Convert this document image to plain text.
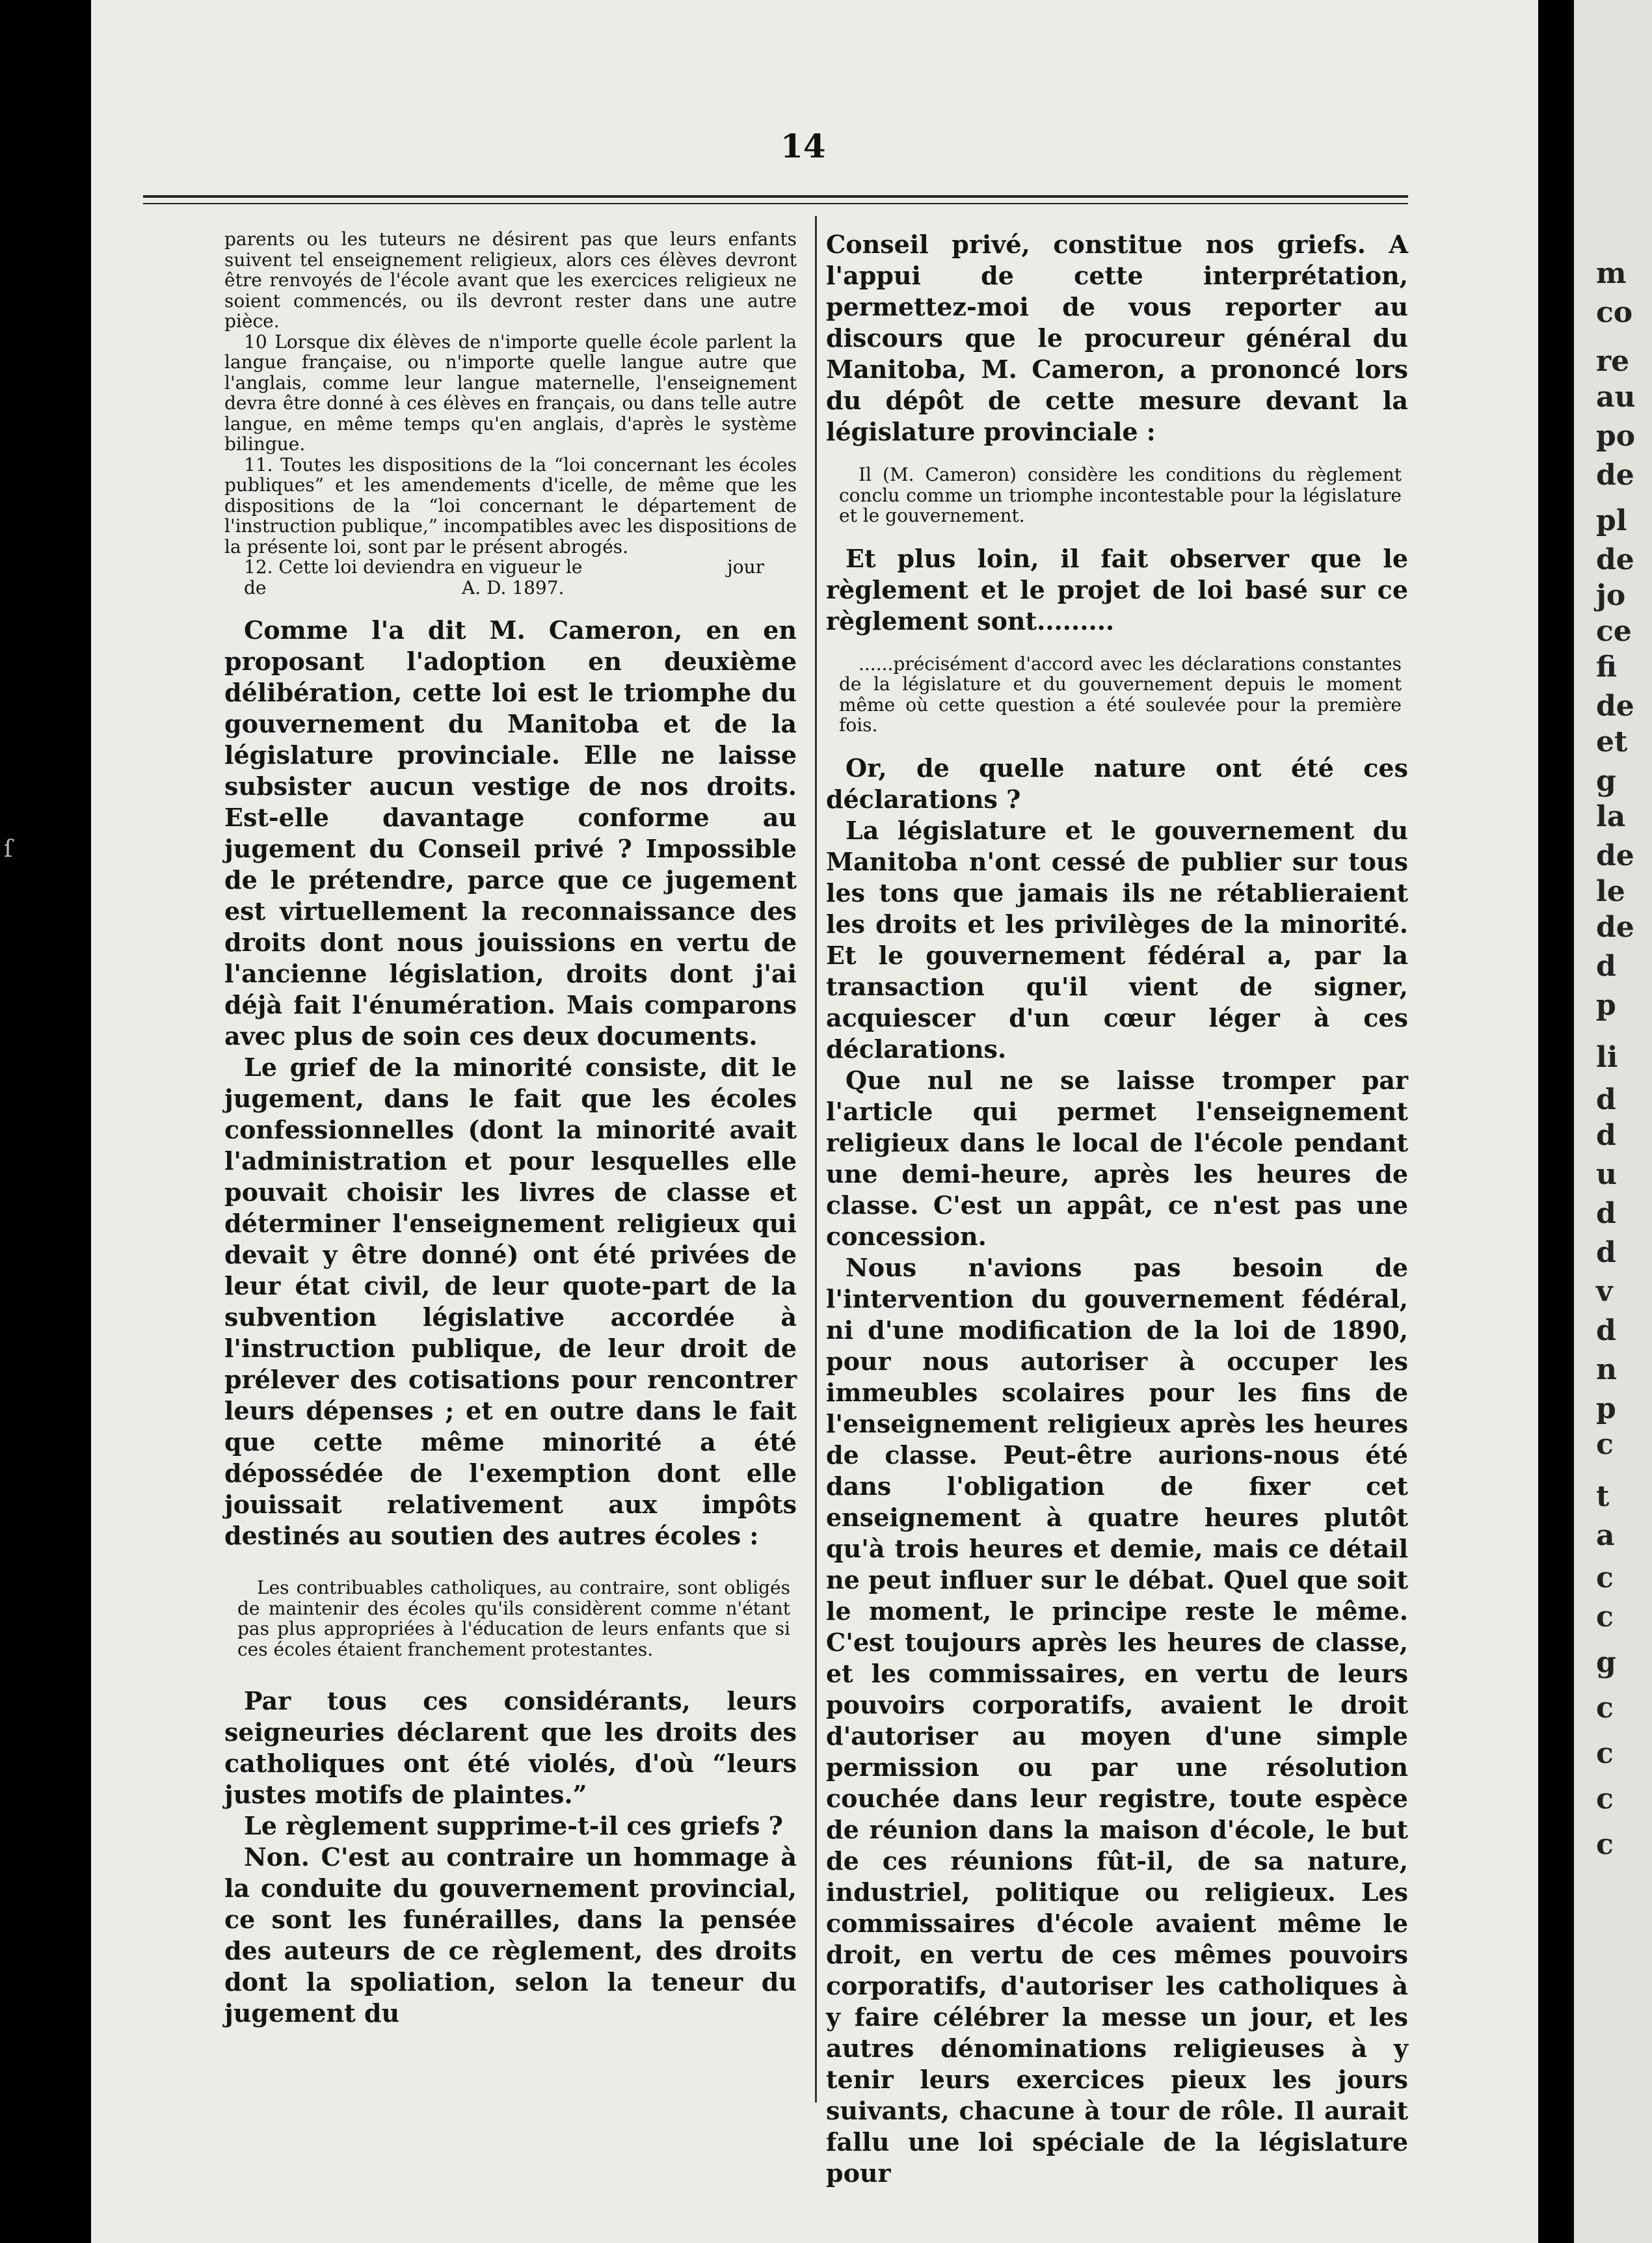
ſ
14

parents ou les tuteurs ne désirent pas que leurs enfants suivent tel enseignement religieux, alors ces élèves devront être renvoyés de l'école avant que les exercices religieux ne soient commencés, ou ils devront rester dans une autre pièce.

10 Lorsque dix élèves de n'importe quelle école parlent la langue française, ou n'importe quelle langue autre que l'anglais, comme leur langue maternelle, l'enseignement devra être donné à ces élèves en français, ou dans telle autre langue, en même temps qu'en anglais, d'après le système bilingue.

11. Toutes les dispositions de la “loi concernant les écoles publiques” et les amendements d'icelle, de même que les dispositions de la “loi concernant le département de l'instruction publique,” incompatibles avec les dispositions de la présente loi, sont par le présent abrogés.

12. Cette loi deviendra en vigueur le	jour
de	A. D. 1897.

Comme l'a dit M. Cameron, en en proposant l'adoption en deuxième délibération, cette loi est le triomphe du gouvernement du Manitoba et de la législature provinciale. Elle ne laisse subsister aucun vestige de nos droits. Est-elle davantage conforme au jugement du Conseil privé ? Impossible de le prétendre, parce que ce jugement est virtuellement la reconnaissance des droits dont nous jouissions en vertu de l'ancienne législation, droits dont j'ai déjà fait l'énumération. Mais comparons avec plus de soin ces deux documents.

Le grief de la minorité consiste, dit le jugement, dans le fait que les écoles confessionnelles (dont la minorité avait l'administration et pour lesquelles elle pouvait choisir les livres de classe et déterminer l'enseignement religieux qui devait y être donné) ont été privées de leur état civil, de leur quote-part de la subvention législative accordée à l'instruction publique, de leur droit de prélever des cotisations pour rencontrer leurs dépenses ; et en outre dans le fait que cette même minorité a été dépossédée de l'exemption dont elle jouissait relativement aux impôts destinés au soutien des autres écoles :

Les contribuables catholiques, au contraire, sont obligés de maintenir des écoles qu'ils considèrent comme n'étant pas plus appropriées à l'éducation de leurs enfants que si ces écoles étaient franchement protestantes.

Par tous ces considérants, leurs seigneuries déclarent que les droits des catholiques ont été violés, d'où “leurs justes motifs de plaintes.”

Le règlement supprime-t-il ces griefs ?

Non. C'est au contraire un hommage à la conduite du gouvernement provincial, ce sont les funérailles, dans la pensée des auteurs de ce règlement, des droits dont la spoliation, selon la teneur du jugement du

Conseil privé, constitue nos griefs. A l'appui de cette interprétation, permettez-moi de vous reporter au discours que le procureur général du Manitoba, M. Cameron, a prononcé lors du dépôt de cette mesure devant la législature provinciale :

Il (M. Cameron) considère les conditions du règlement conclu comme un triomphe incontestable pour la législature et le gouvernement.

Et plus loin, il fait observer que le règlement et le projet de loi basé sur ce règlement sont.........

......précisément d'accord avec les déclarations constantes de la législature et du gouvernement depuis le moment même où cette question a été soulevée pour la première fois.

Or, de quelle nature ont été ces déclarations ?

La législature et le gouvernement du Manitoba n'ont cessé de publier sur tous les tons que jamais ils ne rétablieraient les droits et les privilèges de la minorité. Et le gouvernement fédéral a, par la transaction qu'il vient de signer, acquiescer d'un cœur léger à ces déclarations.

Que nul ne se laisse tromper par l'article qui permet l'enseignement religieux dans le local de l'école pendant une demi-heure, après les heures de classe. C'est un appât, ce n'est pas une concession.

Nous n'avions pas besoin de l'intervention du gouvernement fédéral, ni d'une modification de la loi de 1890, pour nous autoriser à occuper les immeubles scolaires pour les fins de l'enseignement religieux après les heures de classe. Peut-être aurions-nous été dans l'obligation de fixer cet enseignement à quatre heures plutôt qu'à trois heures et demie, mais ce détail ne peut influer sur le débat. Quel que soit le moment, le principe reste le même. C'est toujours après les heures de classe, et les commissaires, en vertu de leurs pouvoirs corporatifs, avaient le droit d'autoriser au moyen d'une simple permission ou par une résolution couchée dans leur registre, toute espèce de réunion dans la maison d'école, le but de ces réunions fût-il, de sa nature, industriel, politique ou religieux. Les commissaires d'école avaient même le droit, en vertu de ces mêmes pouvoirs corporatifs, d'autoriser les catholiques à y faire célébrer la messe un jour, et les autres dénominations religieuses à y tenir leurs exercices pieux les jours suivants, chacune à tour de rôle. Il aurait fallu une loi spéciale de la législature pour

m
co
re
au
po
de
pl
de
jo
ce
fi
de
et
g
la
de
le
de
d
p
li
d
d
u
d
d
v
d
n
p
c
t
a
c
c
g
c
c
c
c
